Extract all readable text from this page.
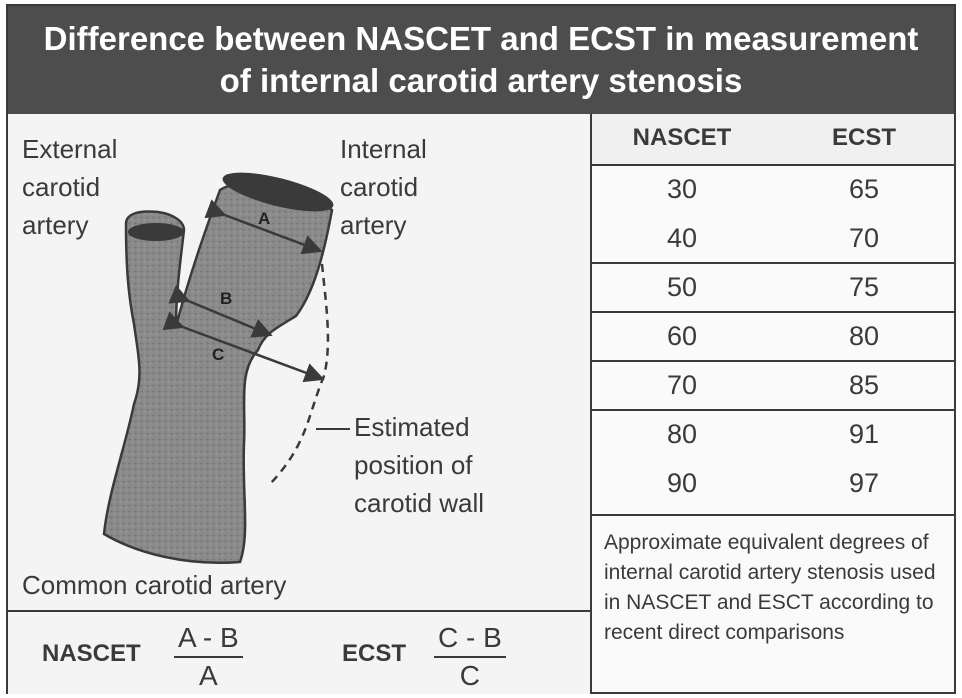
Difference between NASCET and ECST in measurement
of internal carotid artery stenosis
A
B
C
External
carotid
artery
Internal
carotid
artery
Estimated
position of
carotid wall
Common carotid artery
NASCET
A - B
A
ECST
C - B
C
NASCET	ECST
30	65
40	70
50	75
60	80
70	85
80	91
90	97
Approximate equivalent degrees of internal carotid artery stenosis used in NASCET and ESCT according to recent direct comparisons
